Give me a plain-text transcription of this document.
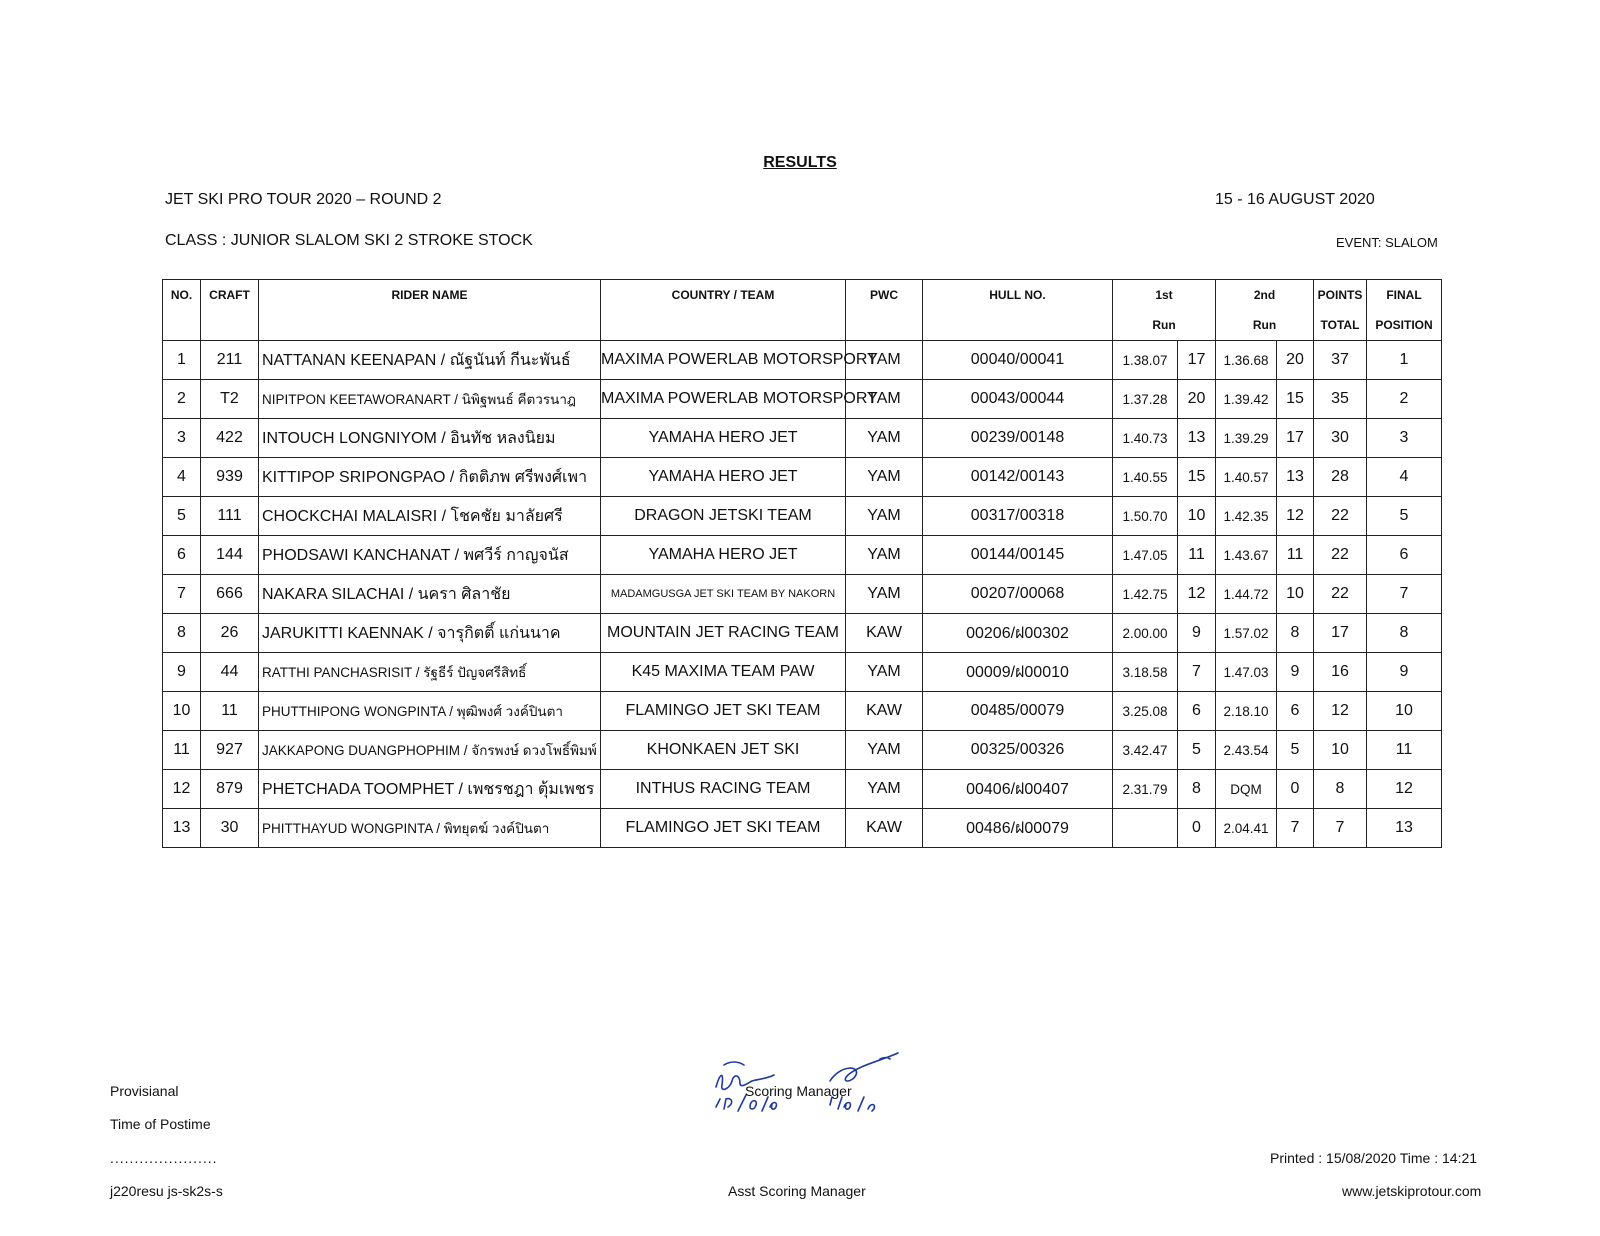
RESULTS
JET SKI PRO TOUR 2020 – ROUND 2	15 - 16 AUGUST 2020
CLASS : JUNIOR SLALOM SKI 2 STROKE STOCK	EVENT: SLALOM
NO.	CRAFT	RIDER NAME	COUNTRY / TEAM	PWC	HULL NO.	1st		2nd		POINTS	FINAL
						Run		Run		TOTAL	POSITION
1	211	NATTANAN KEENAPAN / ณัฐนันท์ กีนะพันธ์	MAXIMA POWERLAB MOTORSPORT	YAM	00040/00041	1.38.07	17	1.36.68	20	37	1
2	T2	NIPITPON KEETAWORANART / นิพิฐพนธ์ คีตวรนาฎ	MAXIMA POWERLAB MOTORSPORT	YAM	00043/00044	1.37.28	20	1.39.42	15	35	2
3	422	INTOUCH LONGNIYOM / อินทัช หลงนิยม	YAMAHA HERO JET	YAM	00239/00148	1.40.73	13	1.39.29	17	30	3
4	939	KITTIPOP SRIPONGPAO / กิตติภพ ศรีพงศ์เพา	YAMAHA HERO JET	YAM	00142/00143	1.40.55	15	1.40.57	13	28	4
5	111	CHOCKCHAI MALAISRI / โชคชัย มาลัยศรี	DRAGON JETSKI TEAM	YAM	00317/00318	1.50.70	10	1.42.35	12	22	5
6	144	PHODSAWI KANCHANAT / พศวีร์ กาญจนัส	YAMAHA HERO JET	YAM	00144/00145	1.47.05	11	1.43.67	11	22	6
7	666	NAKARA SILACHAI / นครา ศิลาชัย	MADAMGUSGA JET SKI TEAM BY NAKORN	YAM	00207/00068	1.42.75	12	1.44.72	10	22	7
8	26	JARUKITTI KAENNAK / จารุกิตติ์ แก่นนาค	MOUNTAIN JET RACING TEAM	KAW	00206/ฝ00302	2.00.00	9	1.57.02	8	17	8
9	44	RATTHI PANCHASRISIT / รัฐธีร์ ปัญจศรีสิทธิ์	K45 MAXIMA TEAM PAW	YAM	00009/ฝ00010	3.18.58	7	1.47.03	9	16	9
10	11	PHUTTHIPONG WONGPINTA / พุฒิพงศ์ วงค์ปินตา	FLAMINGO JET SKI TEAM	KAW	00485/00079	3.25.08	6	2.18.10	6	12	10
11	927	JAKKAPONG DUANGPHOPHIM / จักรพงษ์ ดวงโพธิ์พิมพ์	KHONKAEN JET SKI	YAM	00325/00326	3.42.47	5	2.43.54	5	10	11
12	879	PHETCHADA TOOMPHET / เพชรชฎา ตุ้มเพชร	INTHUS RACING TEAM	YAM	00406/ฝ00407	2.31.79	8	DQM	0	8	12
13	30	PHITTHAYUD WONGPINTA / พิทยุตฆ์ วงค์ปินตา	FLAMINGO JET SKI TEAM	KAW	00486/ฝ00079		0	2.04.41	7	7	13
Provisianal
Time of Postime
......................
j220resu js-sk2s-s
Scoring Manager
Asst Scoring Manager
Printed : 15/08/2020 Time : 14:21
www.jetskiprotour.com
